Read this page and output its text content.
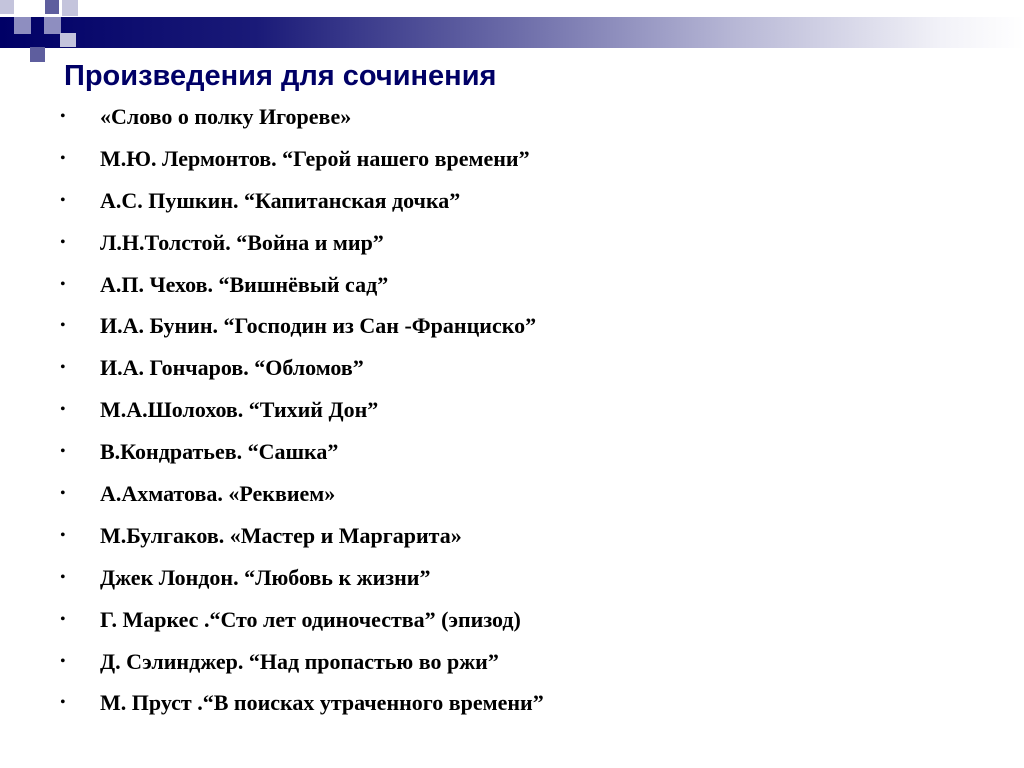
Произведения для сочинения
• «Слово о полку Игореве»
• М.Ю. Лермонтов. “Герой нашего времени”
• А.С. Пушкин. “Капитанская дочка”
• Л.Н.Толстой. “Война и мир”
• А.П. Чехов. “Вишнёвый сад”
• И.А. Бунин. “Господин из Сан -Франциско”
• И.А. Гончаров. “Обломов”
• М.А.Шолохов. “Тихий Дон”
• В.Кондратьев. “Сашка”
• А.Ахматова. «Реквием»
• М.Булгаков. «Мастер и Маргарита»
• Джек Лондон. “Любовь к жизни”
• Г. Маркес .“Сто лет одиночества” (эпизод)
• Д. Сэлинджер. “Над пропастью во ржи”
• М. Пруст .“В поисках утраченного времени”
